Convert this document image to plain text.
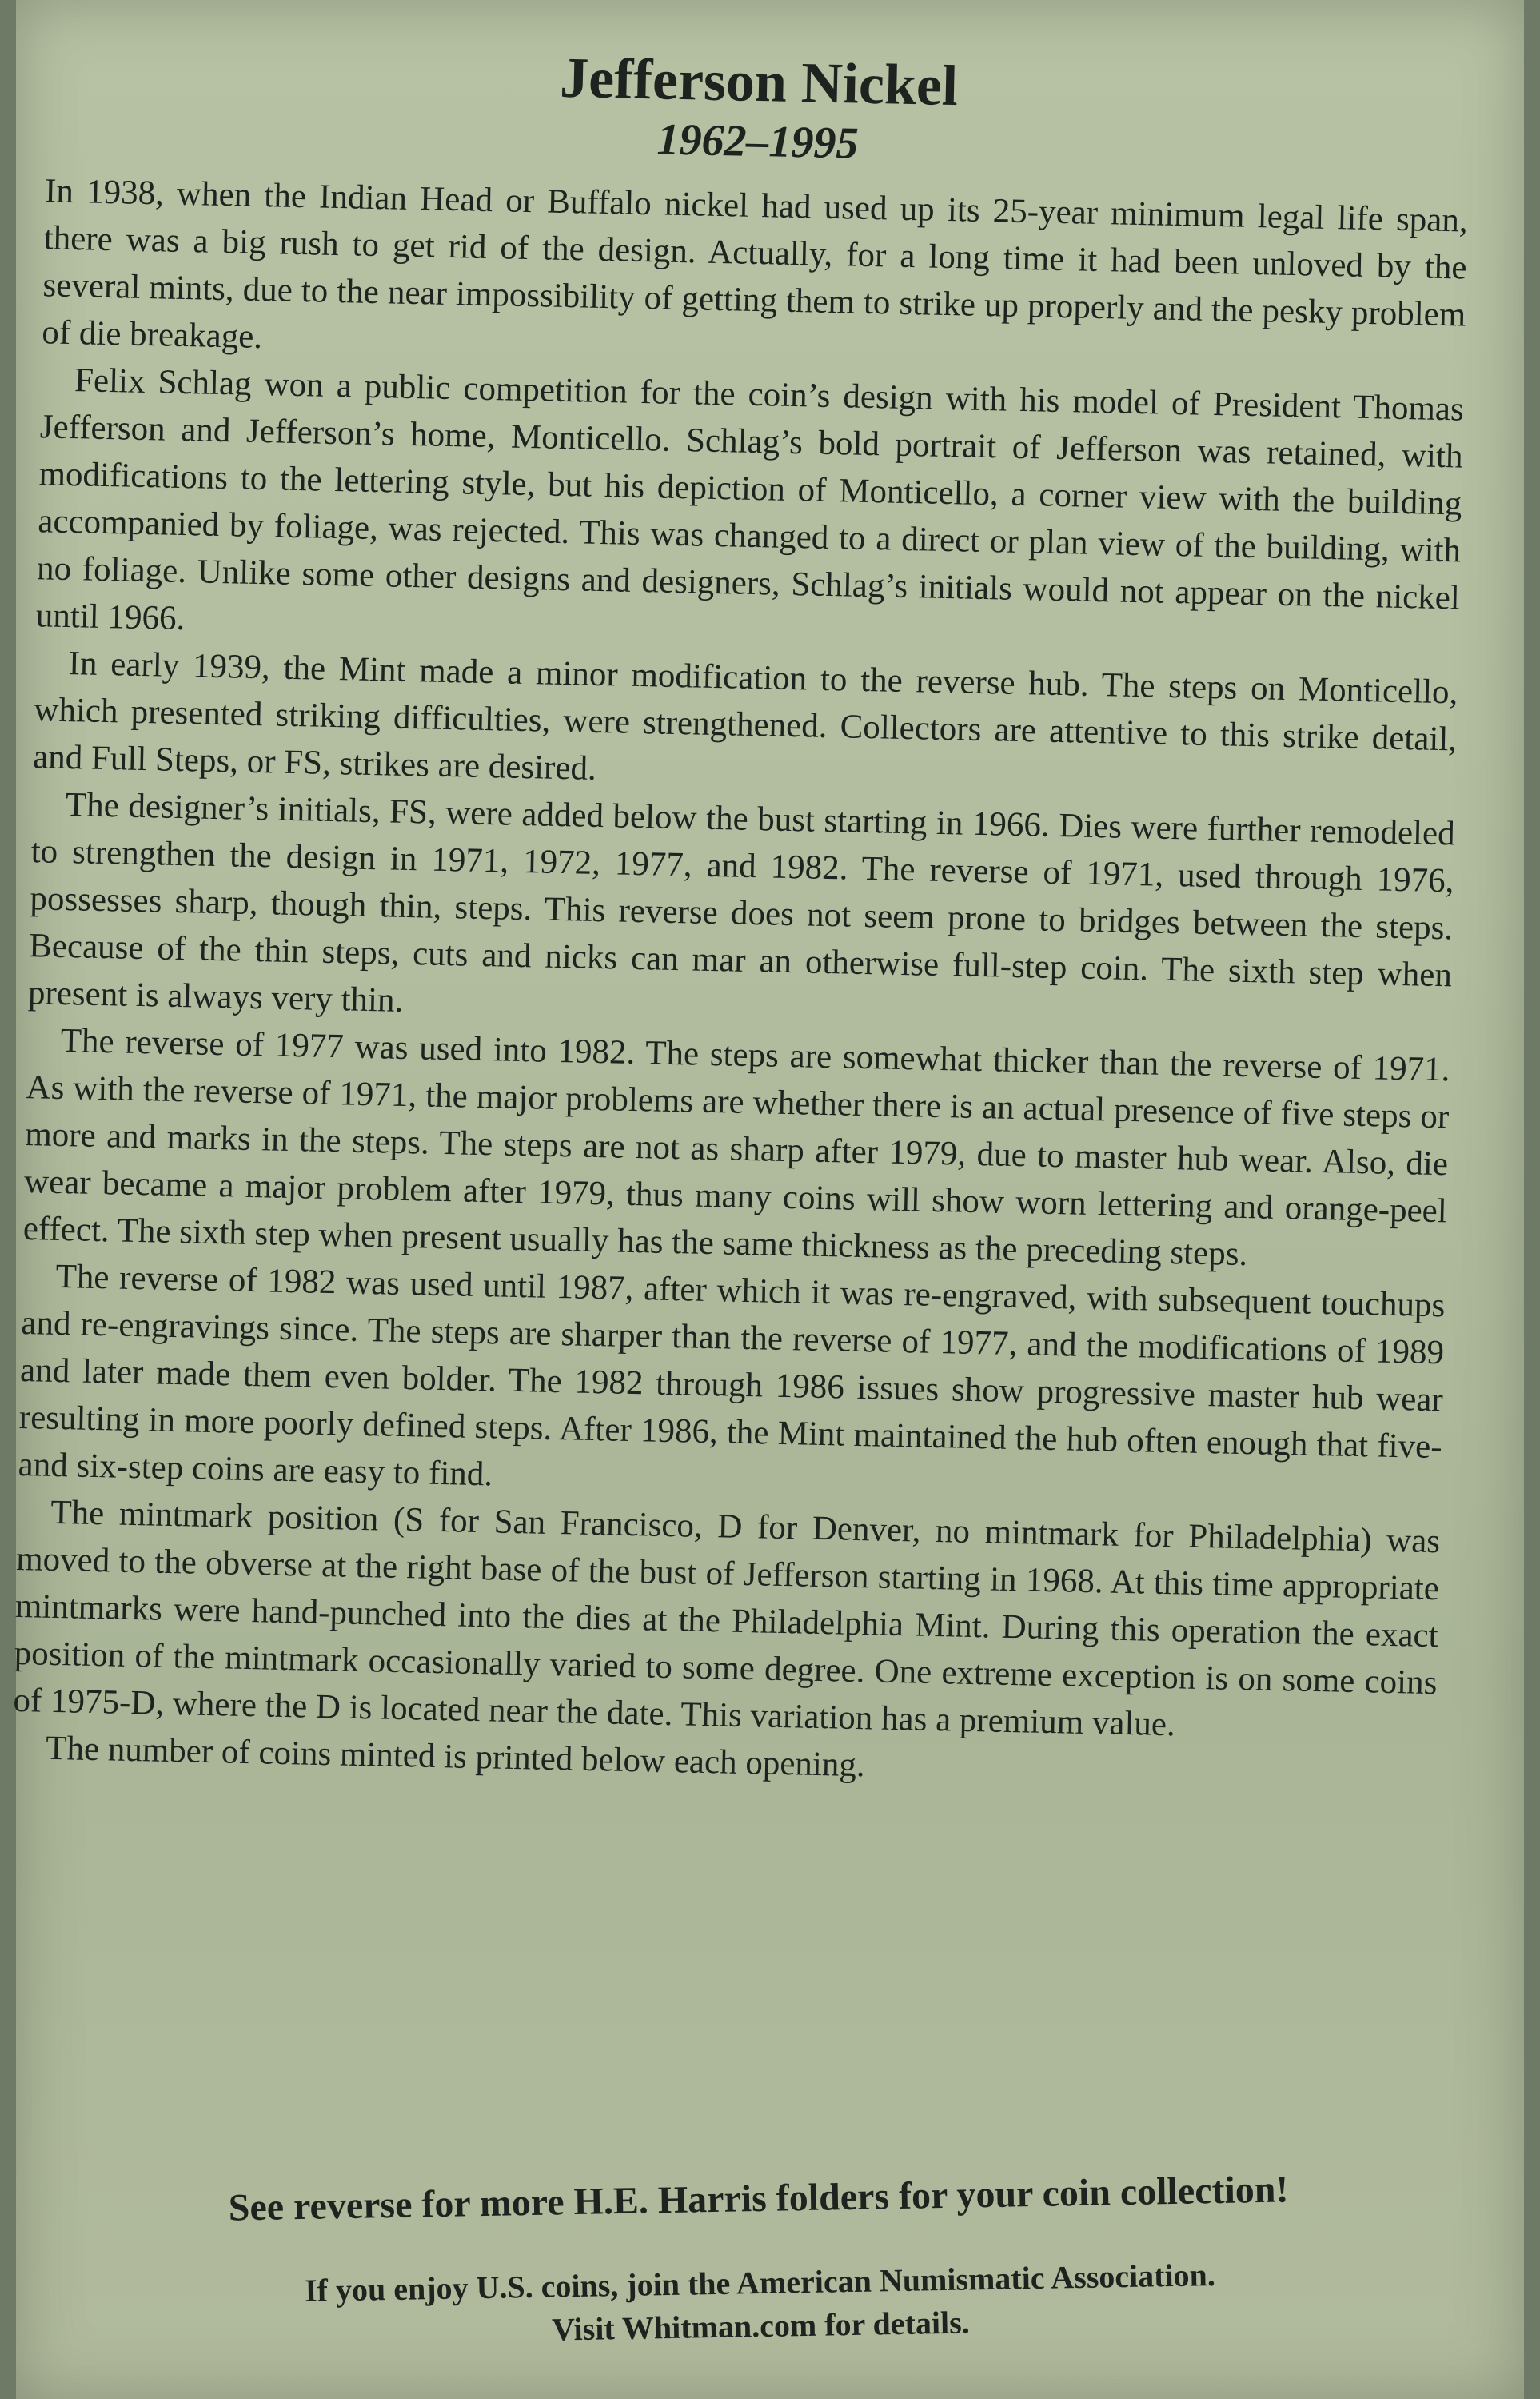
Jefferson Nickel
1962–1995

In 1938, when the Indian Head or Buffalo nickel had used up its 25-year minimum legal life span, there was a big rush to get rid of the design. Actually, for a long time it had been unloved by the several mints, due to the near impossibility of getting them to strike up properly and the pesky problem of die breakage.

Felix Schlag won a public competition for the coin’s design with his model of President Thomas Jefferson and Jefferson’s home, Monticello. Schlag’s bold portrait of Jefferson was retained, with modifications to the lettering style, but his depiction of Monticello, a corner view with the building accompanied by foliage, was rejected. This was changed to a direct or plan view of the building, with no foliage. Unlike some other designs and designers, Schlag’s initials would not appear on the nickel until 1966.

In early 1939, the Mint made a minor modification to the reverse hub. The steps on Monticello, which presented striking difficulties, were strengthened. Collectors are attentive to this strike detail, and Full Steps, or FS, strikes are desired.

The designer’s initials, FS, were added below the bust starting in 1966. Dies were further remodeled to strengthen the design in 1971, 1972, 1977, and 1982. The reverse of 1971, used through 1976, possesses sharp, though thin, steps. This reverse does not seem prone to bridges between the steps. Because of the thin steps, cuts and nicks can mar an otherwise full-step coin. The sixth step when present is always very thin.

The reverse of 1977 was used into 1982. The steps are somewhat thicker than the reverse of 1971. As with the reverse of 1971, the major problems are whether there is an actual presence of five steps or more and marks in the steps. The steps are not as sharp after 1979, due to master hub wear. Also, die wear became a major problem after 1979, thus many coins will show worn lettering and orange-peel effect. The sixth step when present usually has the same thickness as the preceding steps.

The reverse of 1982 was used until 1987, after which it was re-engraved, with subsequent touchups and re-engravings since. The steps are sharper than the reverse of 1977, and the modifications of 1989 and later made them even bolder. The 1982 through 1986 issues show progressive master hub wear resulting in more poorly defined steps. After 1986, the Mint maintained the hub often enough that five- and six-step coins are easy to find.

The mintmark position (S for San Francisco, D for Denver, no mintmark for Philadelphia) was moved to the obverse at the right base of the bust of Jefferson starting in 1968. At this time appropriate mintmarks were hand-punched into the dies at the Philadelphia Mint. During this operation the exact position of the mintmark occasionally varied to some degree. One extreme exception is on some coins of 1975-D, where the D is located near the date. This variation has a premium value.

The number of coins minted is printed below each opening.

See reverse for more H.E. Harris folders for your coin collection!

If you enjoy U.S. coins, join the American Numismatic Association.

Visit Whitman.com for details.
